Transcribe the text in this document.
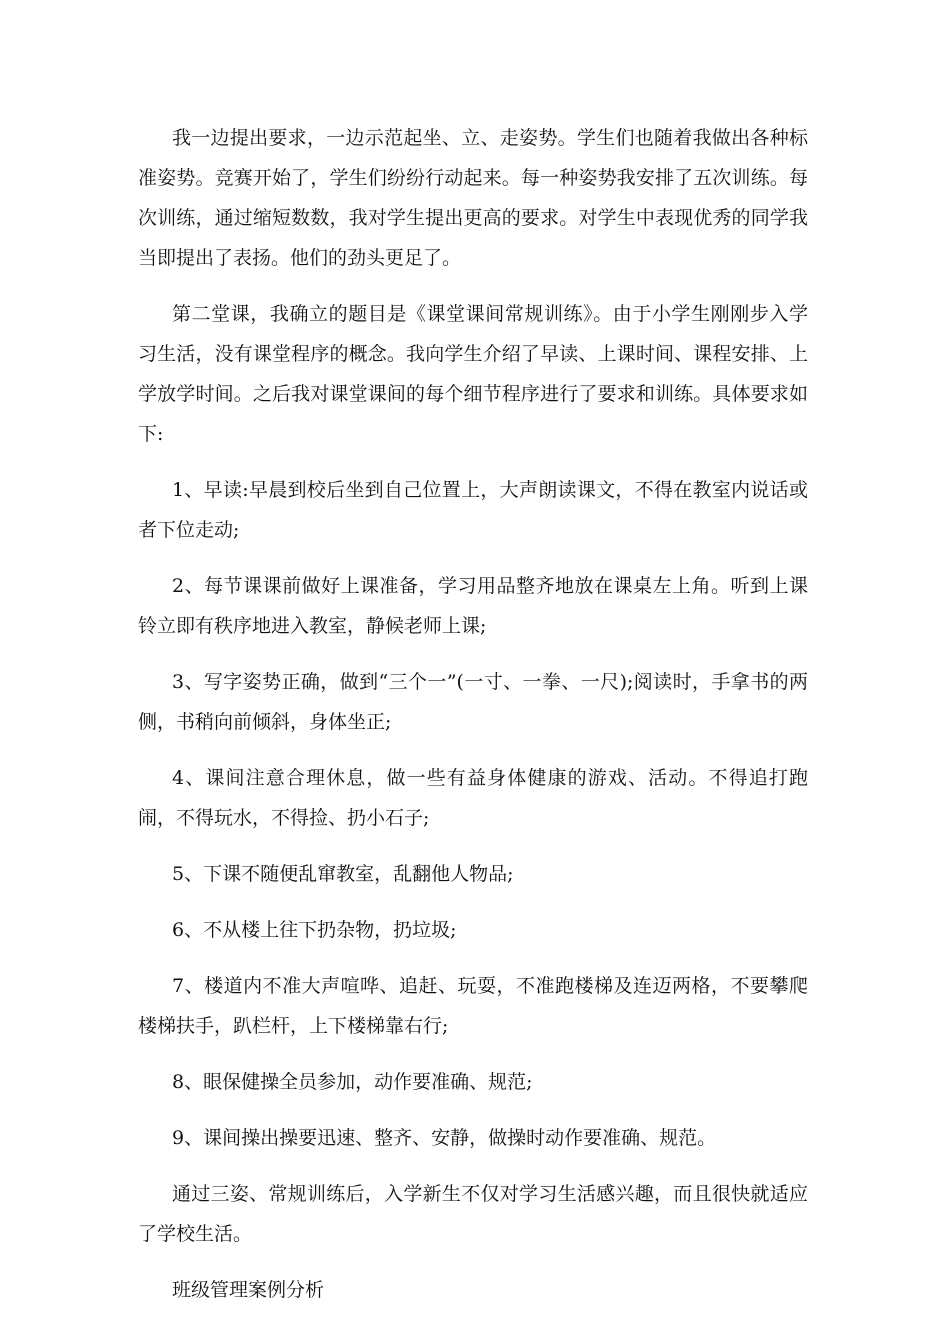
我一边提出要求，一边示范起坐、立、走姿势。学生们也随着我做出各种标准姿势。竞赛开始了，学生们纷纷行动起来。每一种姿势我安排了五次训练。每次训练，通过缩短数数，我对学生提出更高的要求。对学生中表现优秀的同学我当即提出了表扬。他们的劲头更足了。

第二堂课，我确立的题目是《课堂课间常规训练》。由于小学生刚刚步入学习生活，没有课堂程序的概念。我向学生介绍了早读、上课时间、课程安排、上学放学时间。之后我对课堂课间的每个细节程序进行了要求和训练。具体要求如下:

1、早读:早晨到校后坐到自己位置上，大声朗读课文，不得在教室内说话或者下位走动;

2、每节课课前做好上课准备，学习用品整齐地放在课桌左上角。听到上课铃立即有秩序地进入教室，静候老师上课;

3、写字姿势正确，做到“三个一”(一寸、一拳、一尺);阅读时，手拿书的两侧，书稍向前倾斜，身体坐正;

4、课间注意合理休息，做一些有益身体健康的游戏、活动。不得追打跑闹，不得玩水，不得捡、扔小石子;

5、下课不随便乱窜教室，乱翻他人物品;

6、不从楼上往下扔杂物，扔垃圾;

7、楼道内不准大声喧哗、追赶、玩耍，不准跑楼梯及连迈两格，不要攀爬楼梯扶手，趴栏杆，上下楼梯靠右行;

8、眼保健操全员参加，动作要准确、规范;

9、课间操出操要迅速、整齐、安静，做操时动作要准确、规范。

通过三姿、常规训练后，入学新生不仅对学习生活感兴趣，而且很快就适应了学校生活。

班级管理案例分析
